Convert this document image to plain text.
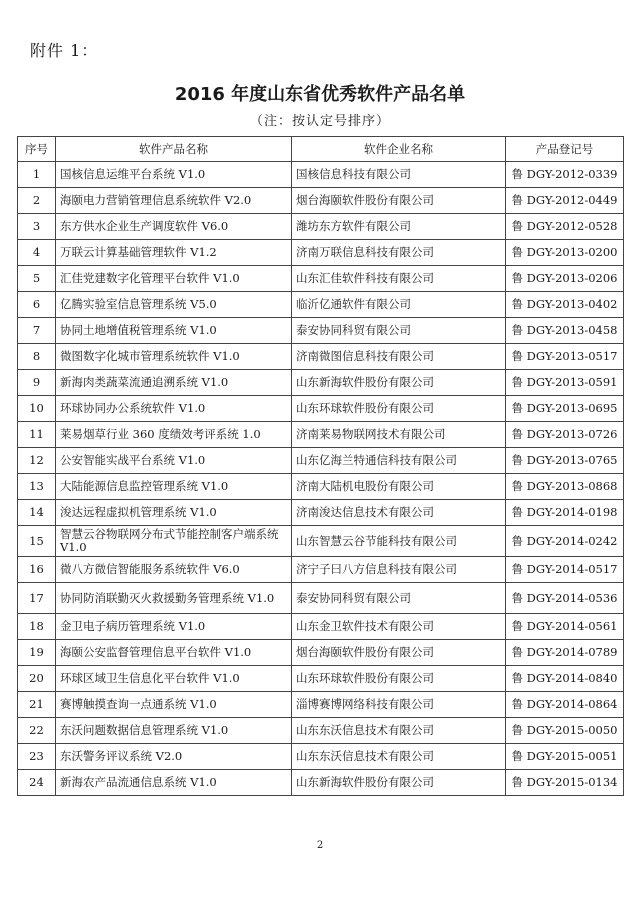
附件 1：
2016 年度山东省优秀软件产品名单
（注：按认定号排序）
序号	软件产品名称	软件企业名称	产品登记号
1	国核信息运维平台系统 V1.0	国核信息科技有限公司	鲁 DGY-2012-0339
2	海颐电力营销管理信息系统软件 V2.0	烟台海颐软件股份有限公司	鲁 DGY-2012-0449
3	东方供水企业生产调度软件 V6.0	潍坊东方软件有限公司	鲁 DGY-2012-0528
4	万联云计算基础管理软件 V1.2	济南万联信息科技有限公司	鲁 DGY-2013-0200
5	汇佳党建数字化管理平台软件 V1.0	山东汇佳软件科技有限公司	鲁 DGY-2013-0206
6	亿腾实验室信息管理系统 V5.0	临沂亿通软件有限公司	鲁 DGY-2013-0402
7	协同土地增值税管理系统 V1.0	泰安协同科贸有限公司	鲁 DGY-2013-0458
8	微图数字化城市管理系统软件 V1.0	济南微图信息科技有限公司	鲁 DGY-2013-0517
9	新海肉类蔬菜流通追溯系统 V1.0	山东新海软件股份有限公司	鲁 DGY-2013-0591
10	环球协同办公系统软件 V1.0	山东环球软件股份有限公司	鲁 DGY-2013-0695
11	莱易烟草行业 360 度绩效考评系统 1.0	济南莱易物联网技术有限公司	鲁 DGY-2013-0726
12	公安智能实战平台系统 V1.0	山东亿海兰特通信科技有限公司	鲁 DGY-2013-0765
13	大陆能源信息监控管理系统 V1.0	济南大陆机电股份有限公司	鲁 DGY-2013-0868
14	浚达远程虚拟机管理系统 V1.0	济南浚达信息技术有限公司	鲁 DGY-2014-0198
15	智慧云谷物联网分布式节能控制客户端系统 V1.0	山东智慧云谷节能科技有限公司	鲁 DGY-2014-0242
16	微八方微信智能服务系统软件 V6.0	济宁子曰八方信息科技有限公司	鲁 DGY-2014-0517
17	协同防消联勤灭火救援勤务管理系统 V1.0	泰安协同科贸有限公司	鲁 DGY-2014-0536
18	金卫电子病历管理系统 V1.0	山东金卫软件技术有限公司	鲁 DGY-2014-0561
19	海颐公安监督管理信息平台软件 V1.0	烟台海颐软件股份有限公司	鲁 DGY-2014-0789
20	环球区域卫生信息化平台软件 V1.0	山东环球软件股份有限公司	鲁 DGY-2014-0840
21	赛博触摸查询一点通系统 V1.0	淄博赛博网络科技有限公司	鲁 DGY-2014-0864
22	东沃问题数据信息管理系统 V1.0	山东东沃信息技术有限公司	鲁 DGY-2015-0050
23	东沃警务评议系统 V2.0	山东东沃信息技术有限公司	鲁 DGY-2015-0051
24	新海农产品流通信息系统 V1.0	山东新海软件股份有限公司	鲁 DGY-2015-0134
2
